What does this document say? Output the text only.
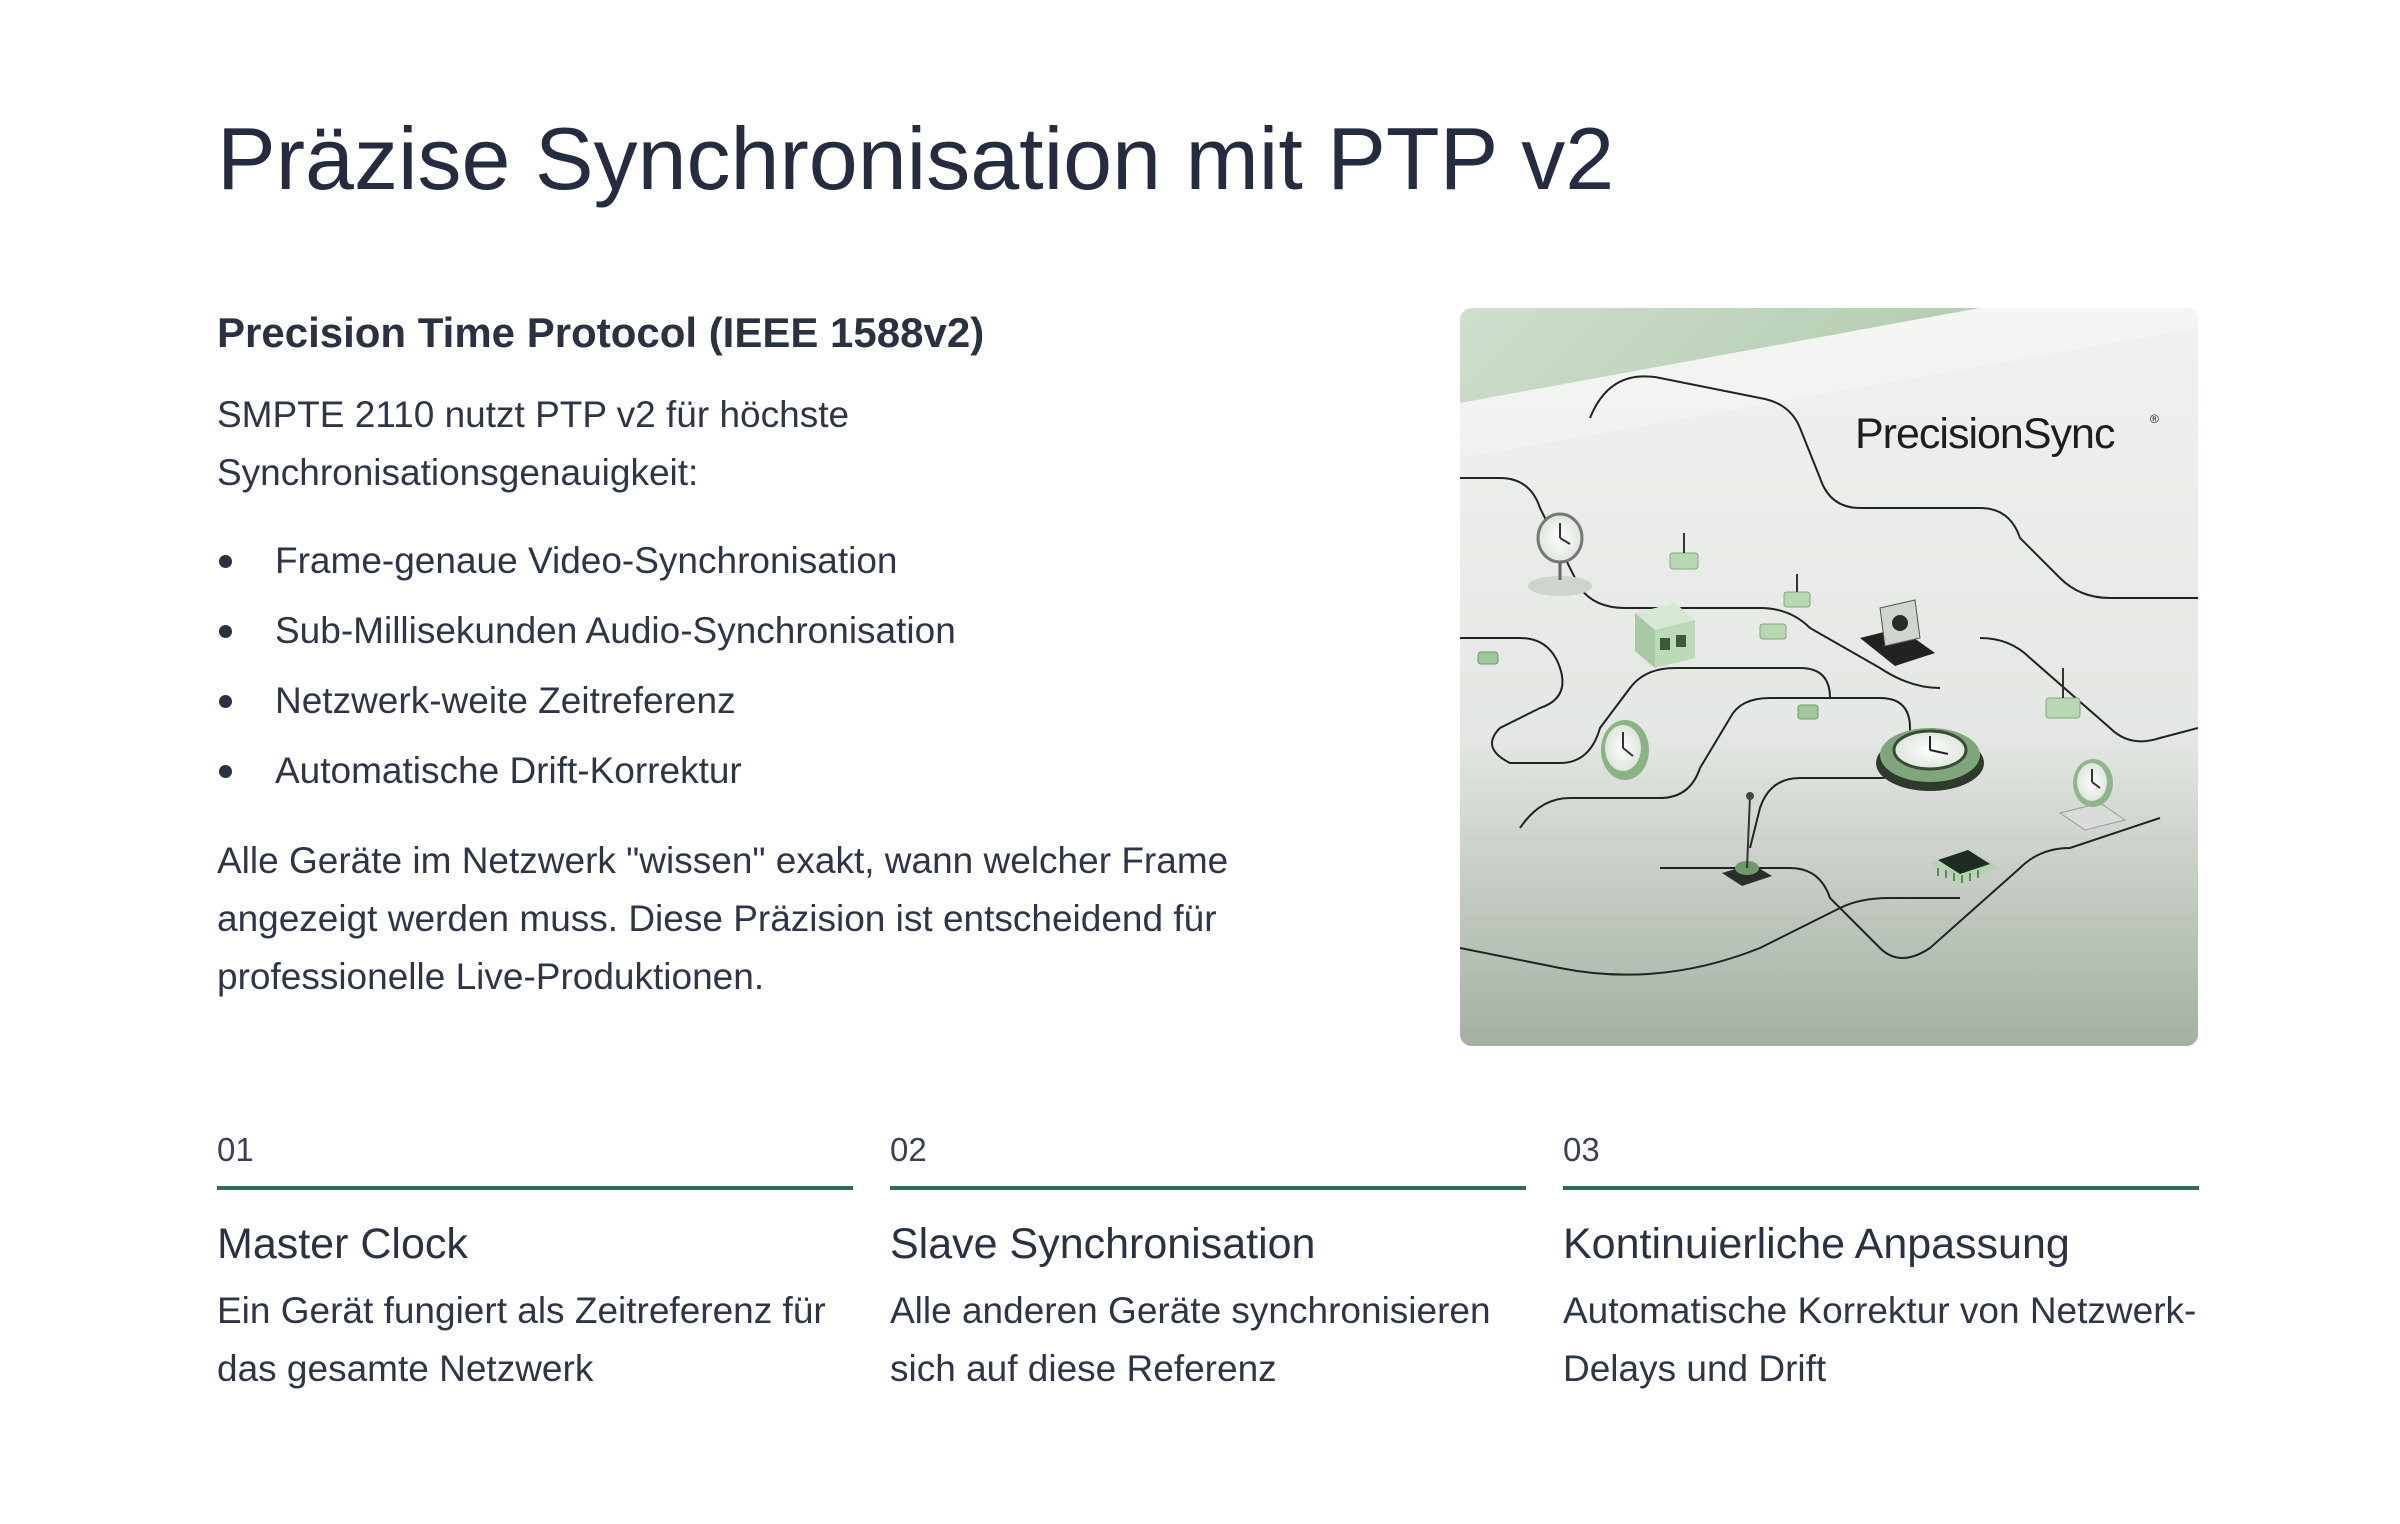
Präzise Synchronisation mit PTP v2
Precision Time Protocol (IEEE 1588v2)

SMPTE 2110 nutzt PTP v2 für höchste Synchronisationsgenauigkeit:

Frame-genaue Video-Synchronisation
Sub-Millisekunden Audio-Synchronisation
Netzwerk-weite Zeitreferenz
Automatische Drift-Korrektur

Alle Geräte im Netzwerk "wissen" exakt, wann welcher Frame angezeigt werden muss. Diese Präzision ist entscheidend für professionelle Live-Produktionen.

PrecisionSync	®
01
Master Clock
Ein Gerät fungiert als Zeitreferenz für das gesamte Netzwerk
02
Slave Synchronisation
Alle anderen Geräte synchronisieren sich auf diese Referenz
03
Kontinuierliche Anpassung
Automatische Korrektur von Netzwerk-Delays und Drift
